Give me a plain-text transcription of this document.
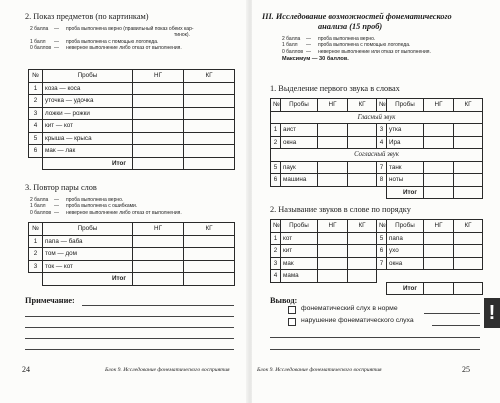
2. Показ предметов (по картинкам)
2 балла — проба выполнена верно (правильный показ обеих кар-
тинок).
1 балл — проба выполнена с помощью логопеда.
0 баллов — неверное выполнение либо отказ от выполнения.
№	Пробы	НГ	КГ
1	коза — коса		
2	уточка — удочка		
3	ложки — рожки		
4	кит — кот		
5	крыша — крыса		
6	мак — лак		
	Итог		
3. Повтор пары слов
2 балла — проба выполнена верно.
1 балл — проба выполнена с ошибками.
0 баллов — неверное выполнение либо отказ от выполнения.
№	Пробы	НГ	КГ
1	папа — баба		
2	том — дом		
3	ток — кот		
	Итог		
Примечание:
24	Блок 9. Исследование фонематического восприятия
III. Исследование возможностей фонематического
анализа (15 проб)
2 балла — проба выполнена верно.
1 балл — проба выполнена с помощью логопеда.
0 баллов — неверное выполнение или отказ от выполнения.
Максимум — 30 баллов.
1. Выделение первого звука в словах
№	Пробы	НГ	КГ	№	Пробы	НГ	КГ
Гласный звук							
1	аист			3	утка		
2	окна			4	Ира		
Согласный звук							
5	паук			7	танк		
6	машина			8	ноты		
					Итог		
2. Называние звуков в слове по порядку
№	Пробы	НГ	КГ	№	Пробы	НГ	КГ
1	кот			5	папа		
2	кит			6	ухо		
3	мак			7	окна		
4	мама						
					Итог		
Вывод:
фонематический слух в норме
нарушение фонематического слуха	!
Блок 9. Исследование фонематического восприятия	25
